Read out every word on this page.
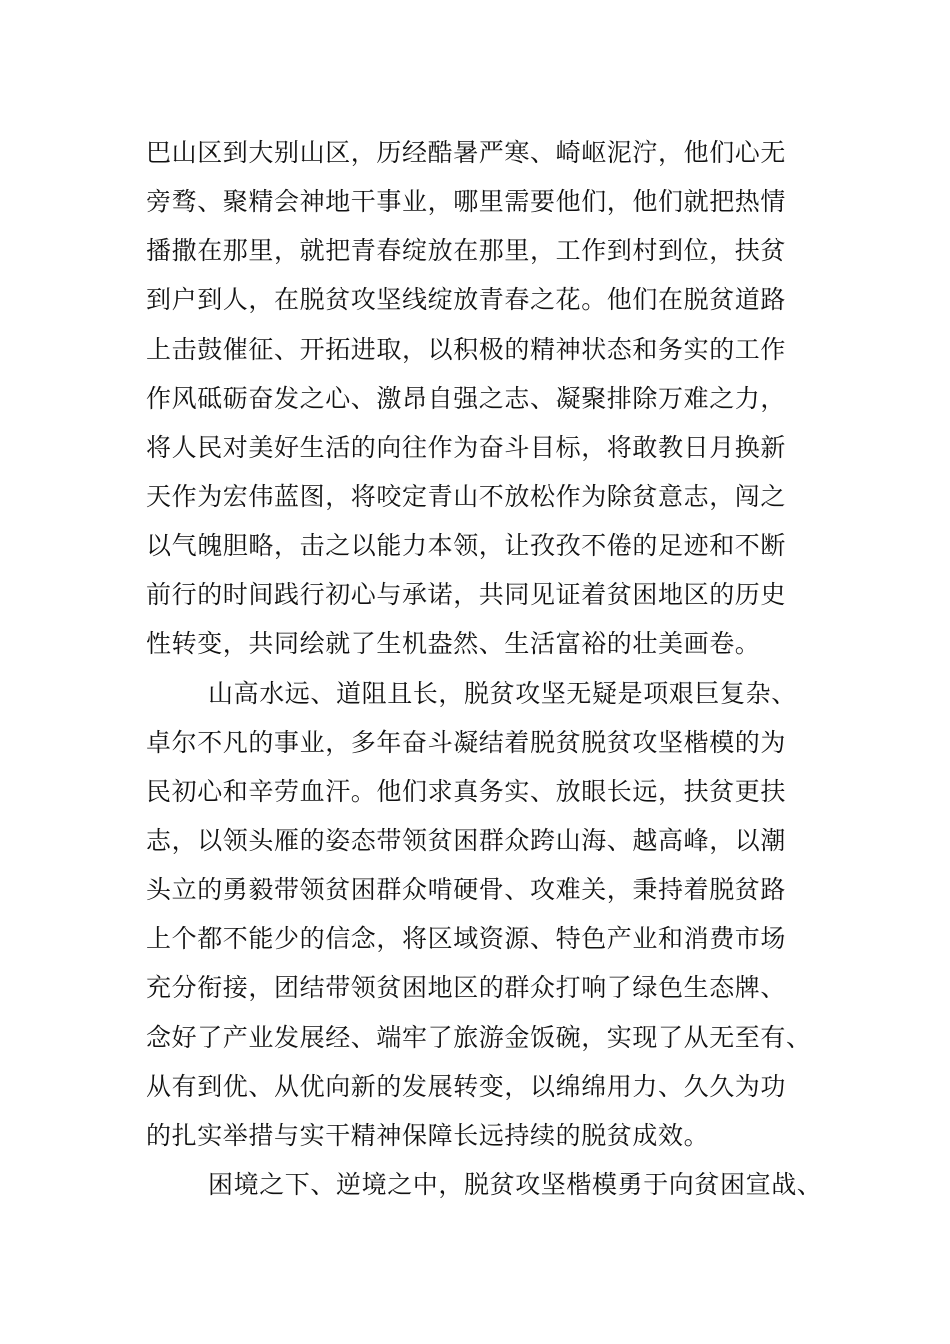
巴山区到大别山区，历经酷暑严寒、崎岖泥泞，他们心无
旁骛、聚精会神地干事业，哪里需要他们，他们就把热情
播撒在那里，就把青春绽放在那里，工作到村到位，扶贫
到户到人，在脱贫攻坚线绽放青春之花。他们在脱贫道路
上击鼓催征、开拓进取，以积极的精神状态和务实的工作
作风砥砺奋发之心、激昂自强之志、凝聚排除万难之力，
将人民对美好生活的向往作为奋斗目标，将敢教日月换新
天作为宏伟蓝图，将咬定青山不放松作为除贫意志，闯之
以气魄胆略，击之以能力本领，让孜孜不倦的足迹和不断
前行的时间践行初心与承诺，共同见证着贫困地区的历史
性转变，共同绘就了生机盎然、生活富裕的壮美画卷。
山高水远、道阻且长，脱贫攻坚无疑是项艰巨复杂、
卓尔不凡的事业，多年奋斗凝结着脱贫脱贫攻坚楷模的为
民初心和辛劳血汗。他们求真务实、放眼长远，扶贫更扶
志，以领头雁的姿态带领贫困群众跨山海、越高峰，以潮
头立的勇毅带领贫困群众啃硬骨、攻难关，秉持着脱贫路
上个都不能少的信念，将区域资源、特色产业和消费市场
充分衔接，团结带领贫困地区的群众打响了绿色生态牌、
念好了产业发展经、端牢了旅游金饭碗，实现了从无至有、
从有到优、从优向新的发展转变，以绵绵用力、久久为功
的扎实举措与实干精神保障长远持续的脱贫成效。
困境之下、逆境之中，脱贫攻坚楷模勇于向贫困宣战、
